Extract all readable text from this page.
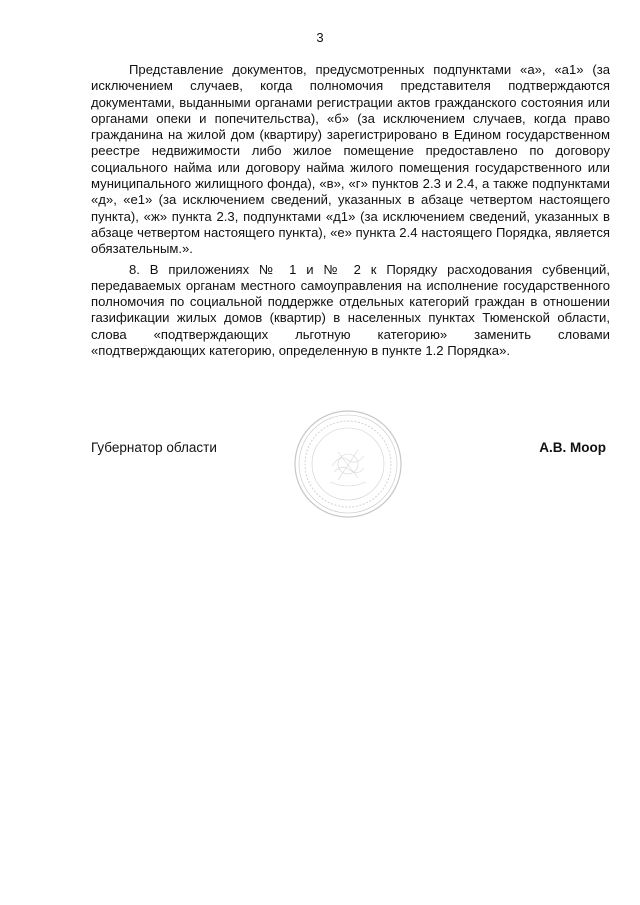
3

Представление документов, предусмотренных подпунктами «а», «а1» (за исключением случаев, когда полномочия представителя подтверждаются документами, выданными органами регистрации актов гражданского состояния или органами опеки и попечительства), «б» (за исключением случаев, когда право гражданина на жилой дом (квартиру) зарегистрировано в Едином государственном реестре недвижимости либо жилое помещение предоставлено по договору социального найма или договору найма жилого помещения государственного или муниципального жилищного фонда), «в», «г» пунктов 2.3 и 2.4, а также подпунктами «д», «е1» (за исключением сведений, указанных в абзаце четвертом настоящего пункта), «ж» пункта 2.3, подпунктами «д1» (за исключением сведений, указанных в абзаце четвертом настоящего пункта), «е» пункта 2.4 настоящего Порядка, является обязательным.».

8. В приложениях № 1 и № 2 к Порядку расходования субвенций, передаваемых органам местного самоуправления на исполнение государственного полномочия по социальной поддержке отдельных категорий граждан в отношении газификации жилых домов (квартир) в населенных пунктах Тюменской области, слова «подтверждающих льготную категорию» заменить словами «подтверждающих категорию, определенную в пункте 1.2 Порядка».

Губернатор области	А.В. Моор
